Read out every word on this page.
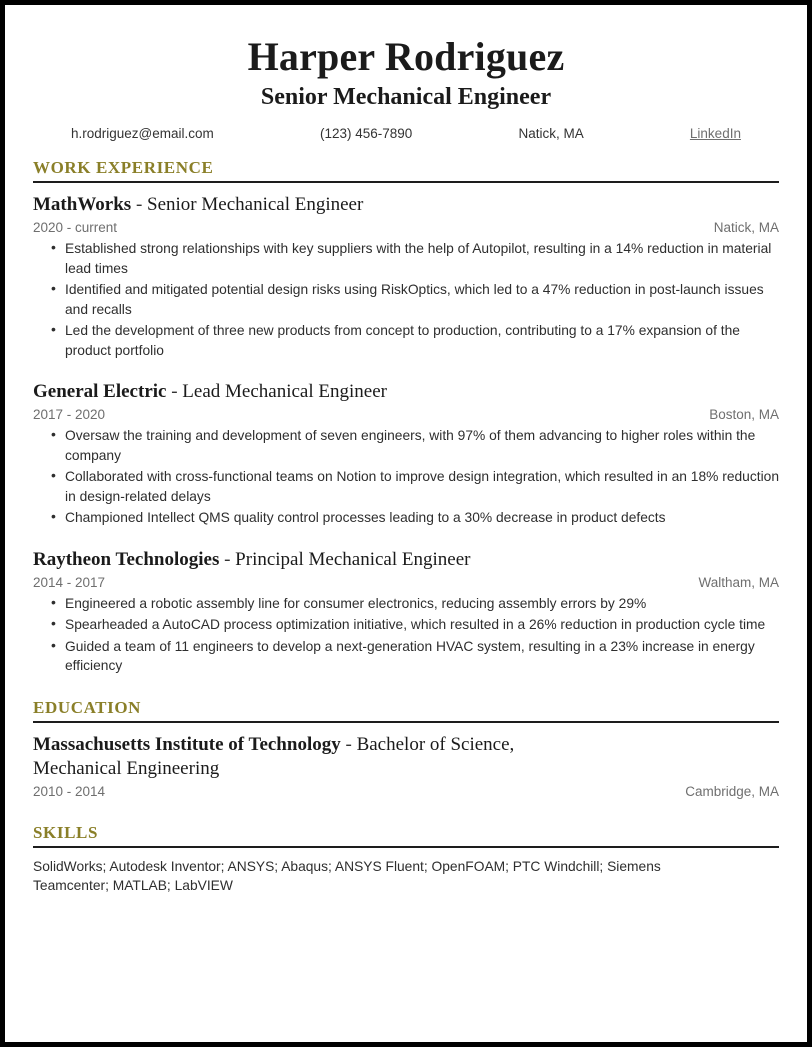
Harper Rodriguez
Senior Mechanical Engineer
h.rodriguez@email.com	(123) 456-7890	Natick, MA	LinkedIn
WORK EXPERIENCE
MathWorks - Senior Mechanical Engineer
2020 - current	Natick, MA
• Established strong relationships with key suppliers with the help of Autopilot, resulting in a 14% reduction in material lead times
• Identified and mitigated potential design risks using RiskOptics, which led to a 47% reduction in post-launch issues and recalls
• Led the development of three new products from concept to production, contributing to a 17% expansion of the product portfolio
General Electric - Lead Mechanical Engineer
2017 - 2020	Boston, MA
• Oversaw the training and development of seven engineers, with 97% of them advancing to higher roles within the company
• Collaborated with cross-functional teams on Notion to improve design integration, which resulted in an 18% reduction in design-related delays
• Championed Intellect QMS quality control processes leading to a 30% decrease in product defects
Raytheon Technologies - Principal Mechanical Engineer
2014 - 2017	Waltham, MA
• Engineered a robotic assembly line for consumer electronics, reducing assembly errors by 29%
• Spearheaded a AutoCAD process optimization initiative, which resulted in a 26% reduction in production cycle time
• Guided a team of 11 engineers to develop a next-generation HVAC system, resulting in a 23% increase in energy efficiency
EDUCATION
Massachusetts Institute of Technology - Bachelor of Science, Mechanical Engineering
2010 - 2014	Cambridge, MA
SKILLS
SolidWorks; Autodesk Inventor; ANSYS; Abaqus; ANSYS Fluent; OpenFOAM; PTC Windchill; Siemens Teamcenter; MATLAB; LabVIEW
